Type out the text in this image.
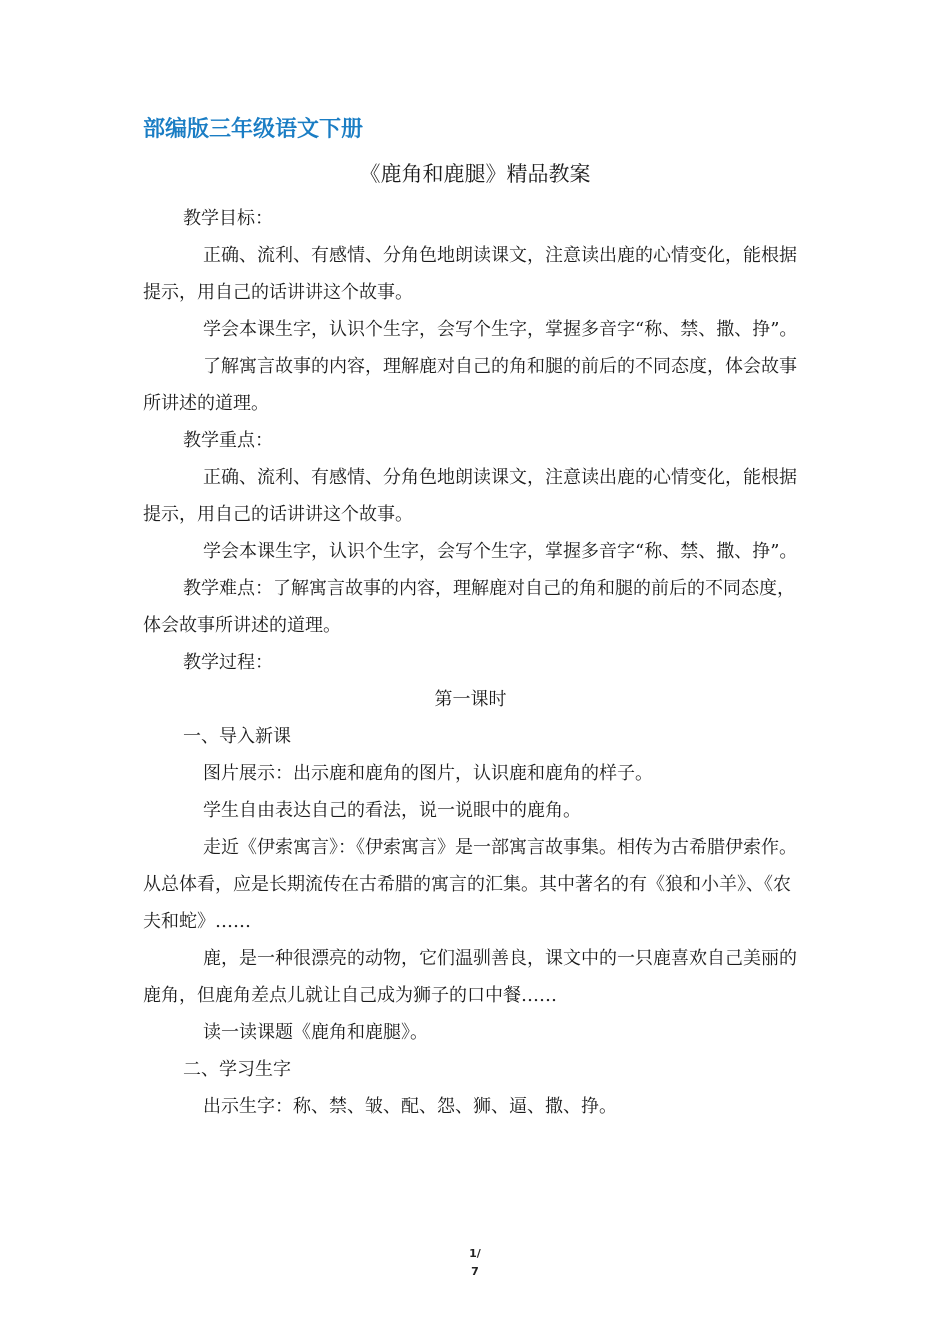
部编版三年级语文下册
《鹿角和鹿腿》精品教案

教学目标：

正确、流利、有感情、分角色地朗读课文，注意读出鹿的心情变化，能根据提示，用自己的话讲讲这个故事。

学会本课生字，认识个生字，会写个生字，掌握多音字“称、禁、撒、挣”。

了解寓言故事的内容，理解鹿对自己的角和腿的前后的不同态度，体会故事所讲述的道理。

教学重点：

正确、流利、有感情、分角色地朗读课文，注意读出鹿的心情变化，能根据提示，用自己的话讲讲这个故事。

学会本课生字，认识个生字，会写个生字，掌握多音字“称、禁、撒、挣”。

教学难点：了解寓言故事的内容，理解鹿对自己的角和腿的前后的不同态度，体会故事所讲述的道理。

教学过程：

第一课时

一、导入新课

图片展示：出示鹿和鹿角的图片，认识鹿和鹿角的样子。

学生自由表达自己的看法，说一说眼中的鹿角。

走近《伊索寓言》：《伊索寓言》是一部寓言故事集。相传为古希腊伊索作。从总体看，应是长期流传在古希腊的寓言的汇集。其中著名的有《狼和小羊》、《农夫和蛇》……

鹿，是一种很漂亮的动物，它们温驯善良，课文中的一只鹿喜欢自己美丽的鹿角，但鹿角差点儿就让自己成为狮子的口中餐……

读一读课题《鹿角和鹿腿》。

二、学习生字

出示生字：称、禁、皱、配、怨、狮、逼、撒、挣。

1/
7
